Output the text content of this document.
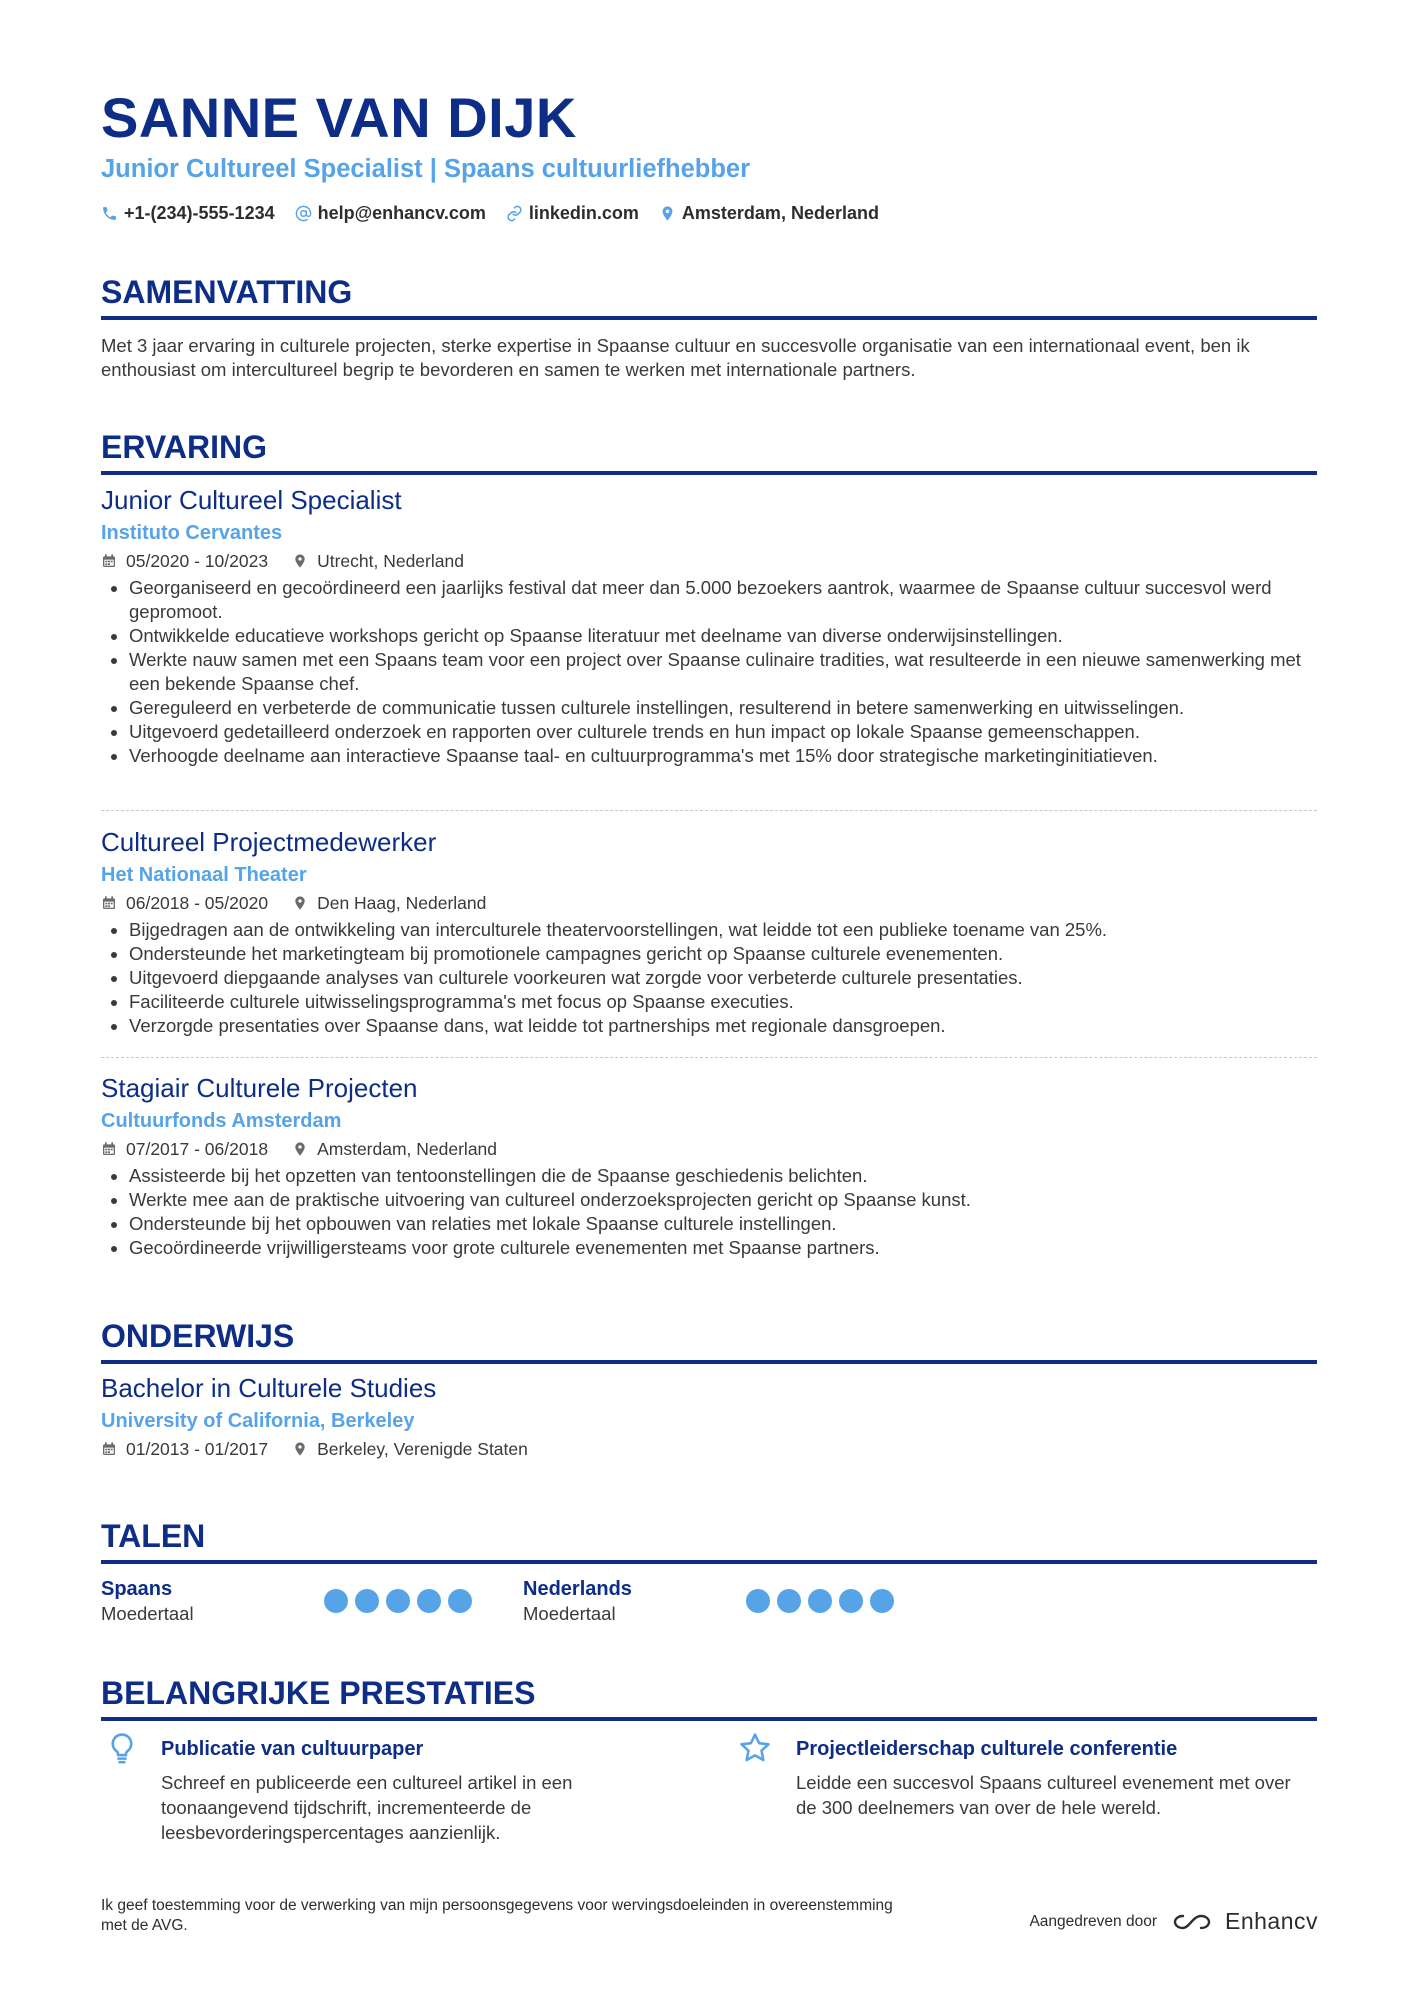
SANNE VAN DIJK
Junior Cultureel Specialist | Spaans cultuurliefhebber
+1-(234)-555-1234 help@enhancv.com linkedin.com Amsterdam, Nederland
SAMENVATTING
Met 3 jaar ervaring in culturele projecten, sterke expertise in Spaanse cultuur en succesvolle organisatie van een internationaal event, ben ik enthousiast om intercultureel begrip te bevorderen en samen te werken met internationale partners.
ERVARING
Junior Cultureel Specialist
Instituto Cervantes
05/2020 - 10/2023	Utrecht, Nederland
• Georganiseerd en gecoördineerd een jaarlijks festival dat meer dan 5.000 bezoekers aantrok, waarmee de Spaanse cultuur succesvol werd gepromoot.
• Ontwikkelde educatieve workshops gericht op Spaanse literatuur met deelname van diverse onderwijsinstellingen.
• Werkte nauw samen met een Spaans team voor een project over Spaanse culinaire tradities, wat resulteerde in een nieuwe samenwerking met een bekende Spaanse chef.
• Gereguleerd en verbeterde de communicatie tussen culturele instellingen, resulterend in betere samenwerking en uitwisselingen.
• Uitgevoerd gedetailleerd onderzoek en rapporten over culturele trends en hun impact op lokale Spaanse gemeenschappen.
• Verhoogde deelname aan interactieve Spaanse taal- en cultuurprogramma's met 15% door strategische marketinginitiatieven.
Cultureel Projectmedewerker
Het Nationaal Theater
06/2018 - 05/2020	Den Haag, Nederland
• Bijgedragen aan de ontwikkeling van interculturele theatervoorstellingen, wat leidde tot een publieke toename van 25%.
• Ondersteunde het marketingteam bij promotionele campagnes gericht op Spaanse culturele evenementen.
• Uitgevoerd diepgaande analyses van culturele voorkeuren wat zorgde voor verbeterde culturele presentaties.
• Faciliteerde culturele uitwisselingsprogramma's met focus op Spaanse executies.
• Verzorgde presentaties over Spaanse dans, wat leidde tot partnerships met regionale dansgroepen.
Stagiair Culturele Projecten
Cultuurfonds Amsterdam
07/2017 - 06/2018	Amsterdam, Nederland
• Assisteerde bij het opzetten van tentoonstellingen die de Spaanse geschiedenis belichten.
• Werkte mee aan de praktische uitvoering van cultureel onderzoeksprojecten gericht op Spaanse kunst.
• Ondersteunde bij het opbouwen van relaties met lokale Spaanse culturele instellingen.
• Gecoördineerde vrijwilligersteams voor grote culturele evenementen met Spaanse partners.
ONDERWIJS
Bachelor in Culturele Studies
University of California, Berkeley
01/2013 - 01/2017	Berkeley, Verenigde Staten
TALEN
Spaans
Moedertaal
Nederlands
Moedertaal
BELANGRIJKE PRESTATIES
Publicatie van cultuurpaper
Schreef en publiceerde een cultureel artikel in een toonaangevend tijdschrift, incrementeerde de leesbevorderingspercentages aanzienlijk.
Projectleiderschap culturele conferentie
Leidde een succesvol Spaans cultureel evenement met over de 300 deelnemers van over de hele wereld.
Ik geef toestemming voor de verwerking van mijn persoonsgegevens voor wervingsdoeleinden in overeenstemming met de AVG.	Aangedreven door	Enhancv
